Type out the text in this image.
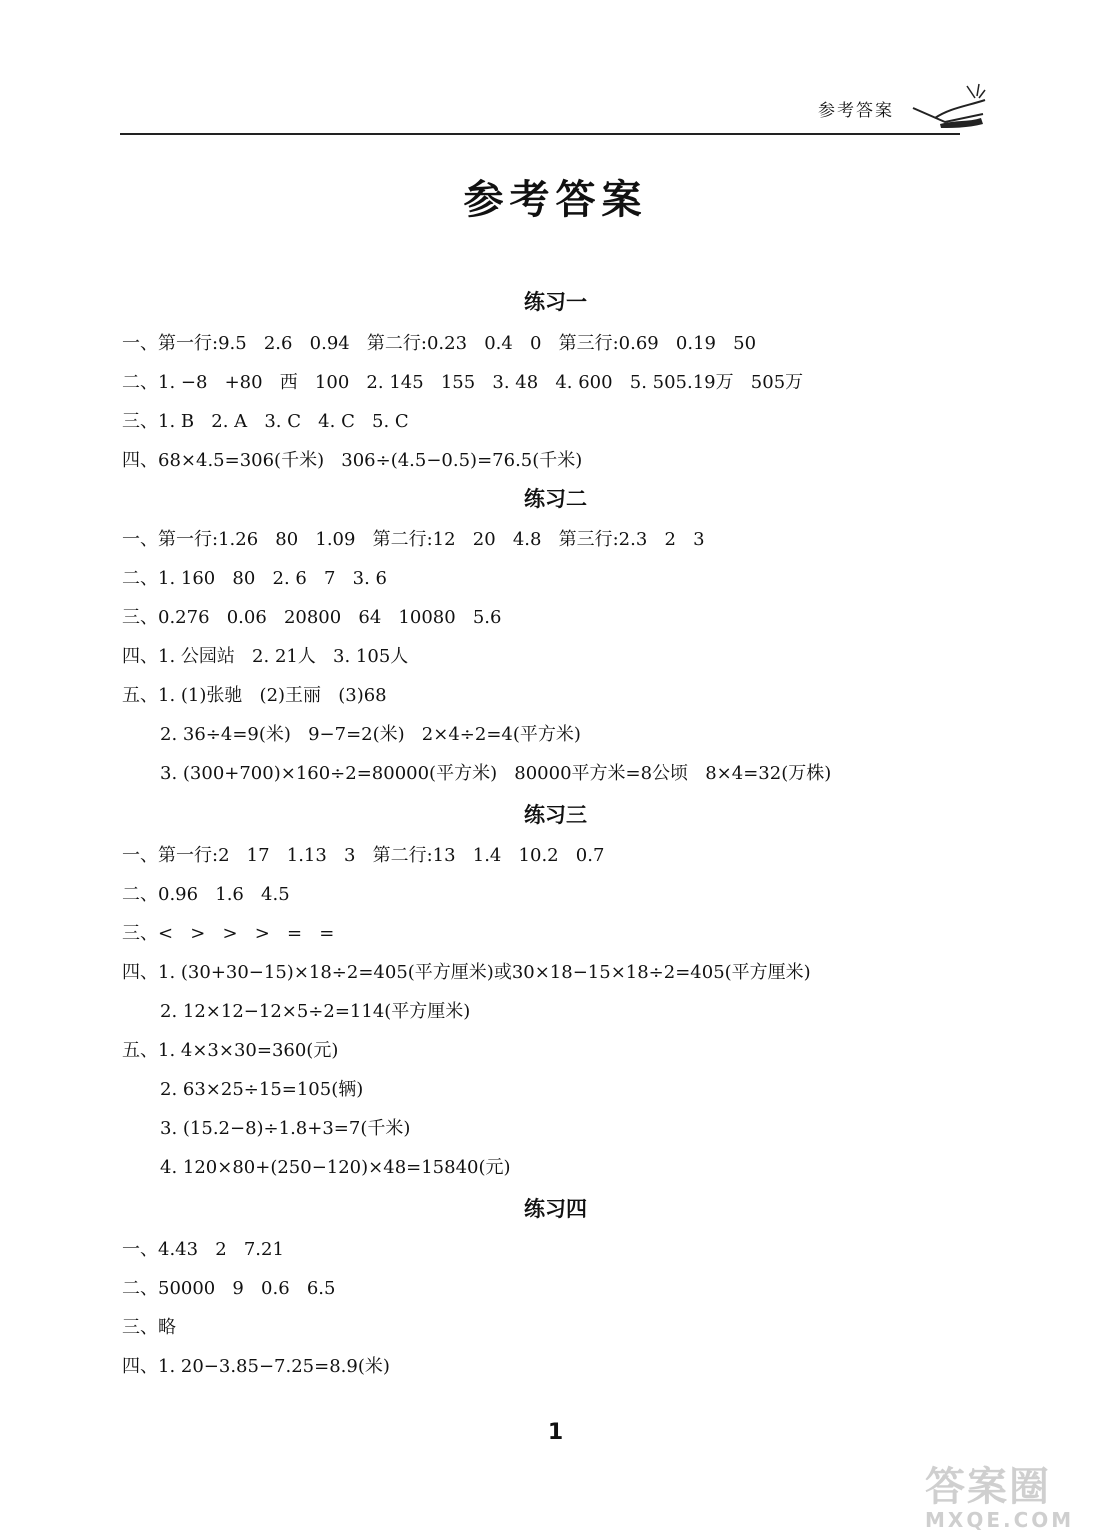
参考答案
参考答案
练习一
一、第一行:9.5   2.6   0.94   第二行:0.23   0.4   0   第三行:0.69   0.19   50
二、1. −8   +80   西   100   2. 145   155   3. 48   4. 600   5. 505.19万   505万
三、1. B   2. A   3. C   4. C   5. C
四、68×4.5=306(千米)   306÷(4.5−0.5)=76.5(千米)
练习二
一、第一行:1.26   80   1.09   第二行:12   20   4.8   第三行:2.3   2   3
二、1. 160   80   2. 6   7   3. 6
三、0.276   0.06   20800   64   10080   5.6
四、1. 公园站   2. 21人   3. 105人
五、1. (1)张驰   (2)王丽   (3)68
2. 36÷4=9(米)   9−7=2(米)   2×4÷2=4(平方米)
3. (300+700)×160÷2=80000(平方米)   80000平方米=8公顷   8×4=32(万株)
练习三
一、第一行:2   17   1.13   3   第二行:13   1.4   10.2   0.7
二、0.96   1.6   4.5
三、<   >   >   >   =   =
四、1. (30+30−15)×18÷2=405(平方厘米)或30×18−15×18÷2=405(平方厘米)
2. 12×12−12×5÷2=114(平方厘米)
五、1. 4×3×30=360(元)
2. 63×25÷15=105(辆)
3. (15.2−8)÷1.8+3=7(千米)
4. 120×80+(250−120)×48=15840(元)
练习四
一、4.43   2   7.21
二、50000   9   0.6   6.5
三、略
四、1. 20−3.85−7.25=8.9(米)
1
答案圈
MXQE.COM
